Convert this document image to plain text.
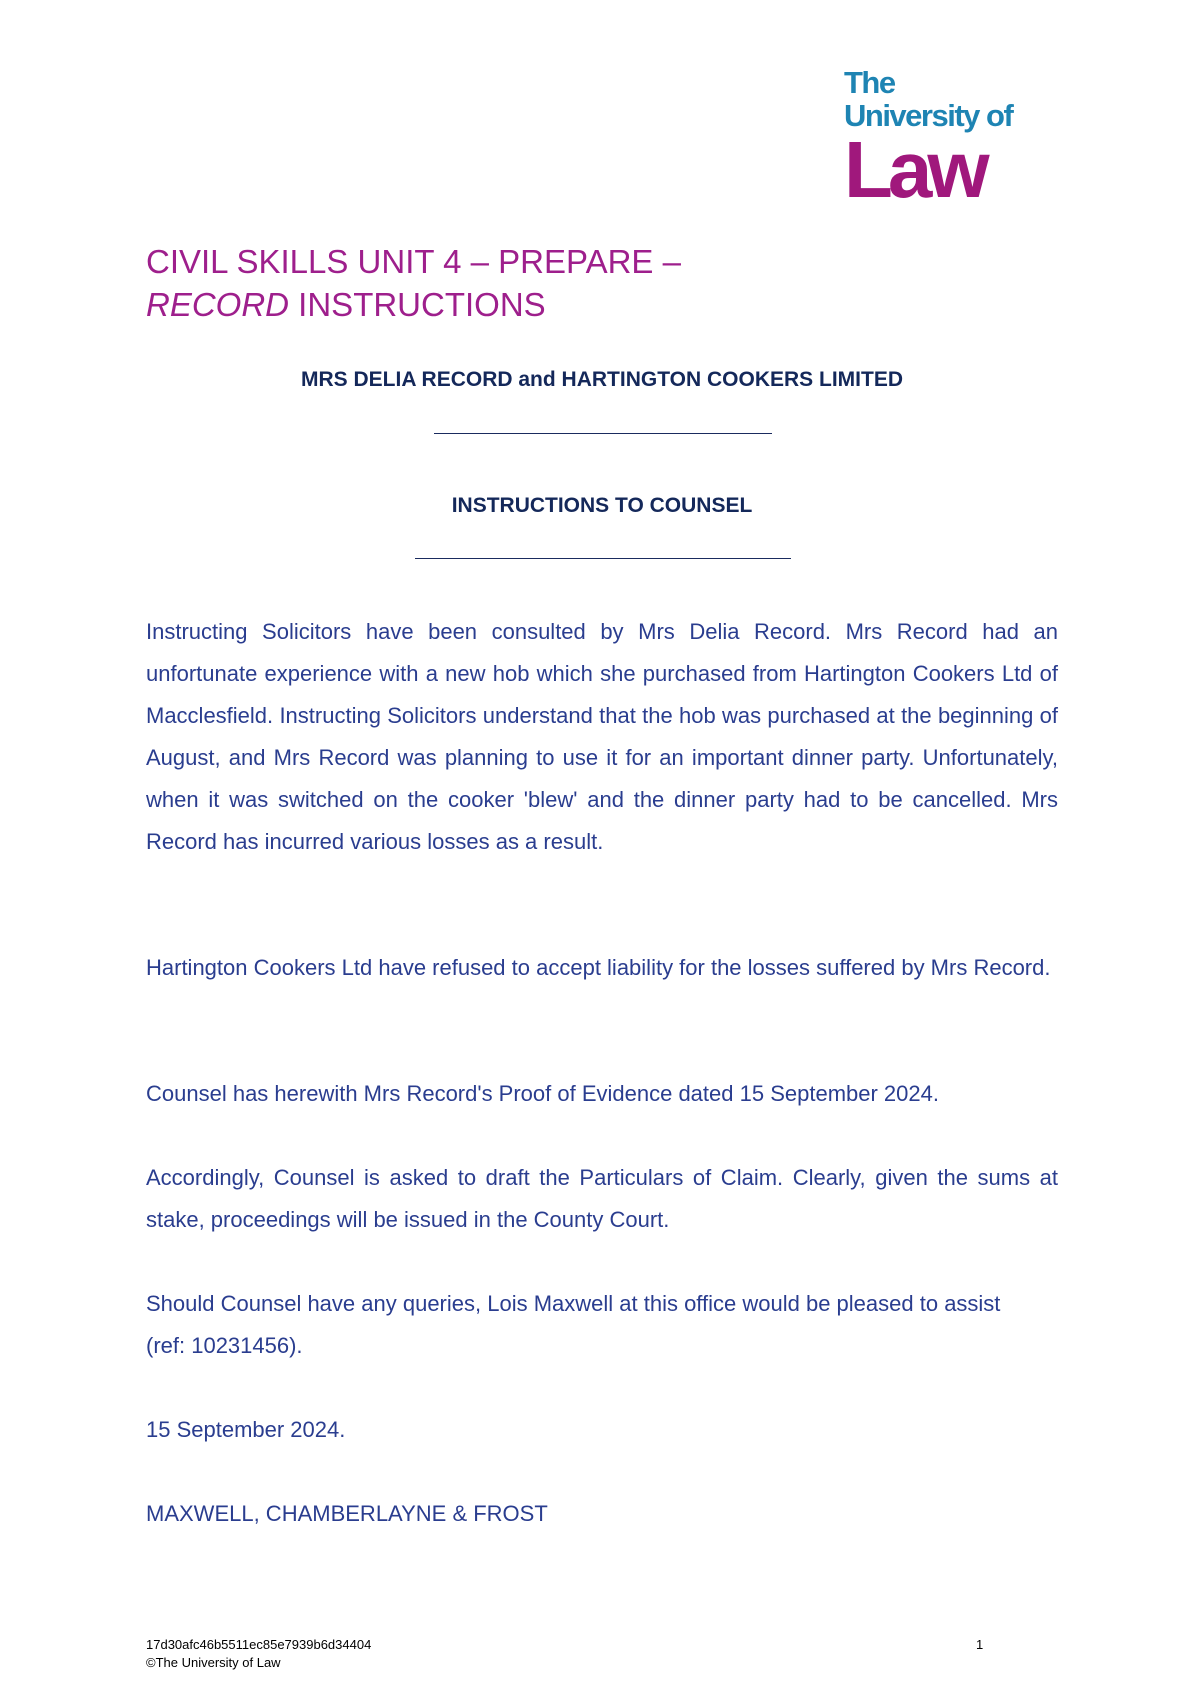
The
University of
Law
CIVIL SKILLS UNIT 4 – PREPARE –
RECORD INSTRUCTIONS
MRS DELIA RECORD and HARTINGTON COOKERS LIMITED
INSTRUCTIONS TO COUNSEL

Instructing Solicitors have been consulted by Mrs Delia Record. Mrs Record had an unfortunate experience with a new hob which she purchased from Hartington Cookers Ltd of Macclesfield. Instructing Solicitors understand that the hob was purchased at the beginning of August, and Mrs Record was planning to use it for an important dinner party. Unfortunately, when it was switched on the cooker 'blew' and the dinner party had to be cancelled. Mrs Record has incurred various losses as a result.

Hartington Cookers Ltd have refused to accept liability for the losses suffered by Mrs Record.

Counsel has herewith Mrs Record's Proof of Evidence dated 15 September 2024.

Accordingly, Counsel is asked to draft the Particulars of Claim. Clearly, given the sums at stake, proceedings will be issued in the County Court.

Should Counsel have any queries, Lois Maxwell at this office would be pleased to assist (ref: 10231456).

15 September 2024.
MAXWELL, CHAMBERLAYNE & FROST
17d30afc46b5511ec85e7939b6d34404
©The University of Law
1
